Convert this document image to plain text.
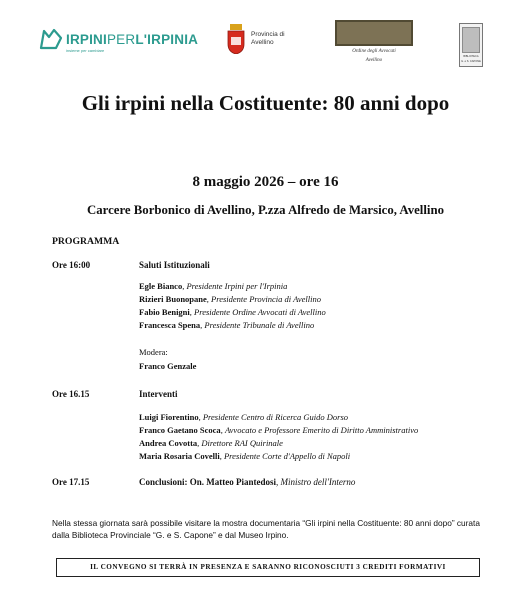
IRPINIPERL'IRPINIA
insieme per cambiare
Provincia di
Avellino
Ordine degli Avvocati
Avellino
BIBLIOTECA
G. e S. CAPONE
Gli irpini nella Costituente: 80 anni dopo
8 maggio 2026 – ore 16
Carcere Borbonico di Avellino, P.zza Alfredo de Marsico, Avellino
PROGRAMMA
Ore 16:00	Saluti Istituzionali
Egle Bianco, Presidente Irpini per l'Irpinia
Rizieri Buonopane, Presidente Provincia di Avellino
Fabio Benigni, Presidente Ordine Avvocati di Avellino
Francesca Spena, Presidente Tribunale di Avellino
Modera:
Franco Genzale
Ore 16.15	Interventi
Luigi Fiorentino, Presidente Centro di Ricerca Guido Dorso
Franco Gaetano Scoca, Avvocato e Professore Emerito di Diritto Amministrativo
Andrea Covotta, Direttore RAI Quirinale
Maria Rosaria Covelli, Presidente Corte d'Appello di Napoli
Ore 17.15	Conclusioni: On. Matteo Piantedosi, Ministro dell'Interno
Nella stessa giornata sarà possibile visitare la mostra documentaria “Gli irpini nella Costituente: 80 anni dopo” curata dalla Biblioteca Provinciale “G. e S. Capone” e dal Museo Irpino.
IL CONVEGNO SI TERRÀ IN PRESENZA E SARANNO RICONOSCIUTI 3 CREDITI FORMATIVI
